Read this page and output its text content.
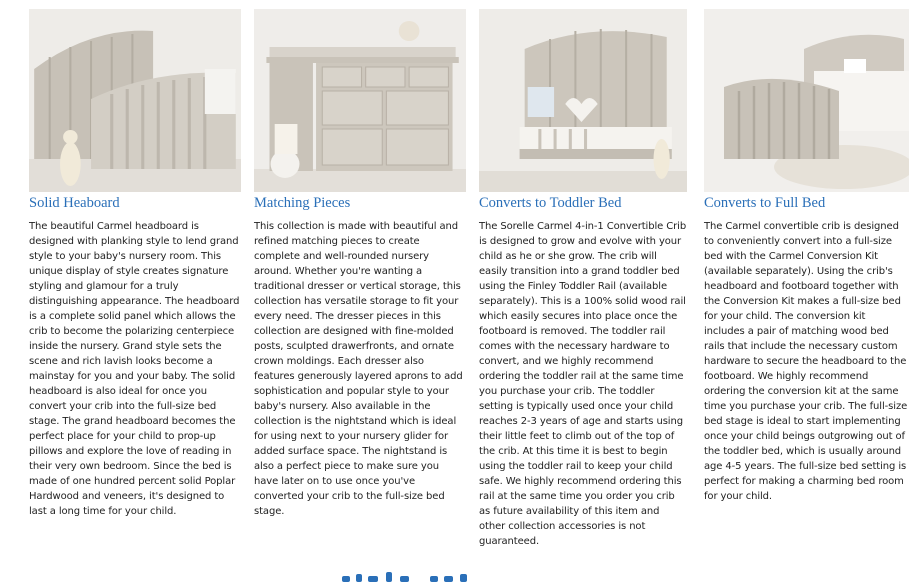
Solid Heaboard
The beautiful Carmel headboard is designed with planking style to lend grand style to your baby's nursery room. This unique display of style creates signature styling and glamour for a truly distinguishing appearance. The headboard is a complete solid panel which allows the crib to become the polarizing centerpiece inside the nursery. Grand style sets the scene and rich lavish looks become a mainstay for you and your baby. The solid headboard is also ideal for once you convert your crib into the full-size bed stage. The grand headboard becomes the perfect place for your child to prop-up pillows and explore the love of reading in their very own bedroom. Since the bed is made of one hundred percent solid Poplar Hardwood and veneers, it's designed to last a long time for your child.
Matching Pieces
This collection is made with beautiful and refined matching pieces to create complete and well-rounded nursery around. Whether you're wanting a traditional dresser or vertical storage, this collection has versatile storage to fit your every need. The dresser pieces in this collection are designed with fine-molded posts, sculpted drawerfronts, and ornate crown moldings. Each dresser also features generously layered aprons to add sophistication and popular style to your baby's nursery. Also available in the collection is the nightstand which is ideal for using next to your nursery glider for added surface space. The nightstand is also a perfect piece to make sure you have later on to use once you've converted your crib to the full-size bed stage.
Converts to Toddler Bed
The Sorelle Carmel 4-in-1 Convertible Crib is designed to grow and evolve with your child as he or she grow. The crib will easily transition into a grand toddler bed using the Finley Toddler Rail (available separately). This is a 100% solid wood rail which easily secures into place once the footboard is removed. The toddler rail comes with the necessary hardware to convert, and we highly recommend ordering the toddler rail at the same time you purchase your crib. The toddler setting is typically used once your child reaches 2-3 years of age and starts using their little feet to climb out of the top of the crib. At this time it is best to begin using the toddler rail to keep your child safe. We highly recommend ordering this rail at the same time you order you crib as future availability of this item and other collection accessories is not guaranteed.
Converts to Full Bed
The Carmel convertible crib is designed to conveniently convert into a full-size bed with the Carmel Conversion Kit (available separately). Using the crib's headboard and footboard together with the Conversion Kit makes a full-size bed for your child. The conversion kit includes a pair of matching wood bed rails that include the necessary custom hardware to secure the headboard to the footboard. We highly recommend ordering the conversion kit at the same time you purchase your crib. The full-size bed stage is ideal to start implementing once your child beings outgrowing out of the toddler bed, which is usually around age 4-5 years. The full-size bed setting is perfect for making a charming bed room for your child.
